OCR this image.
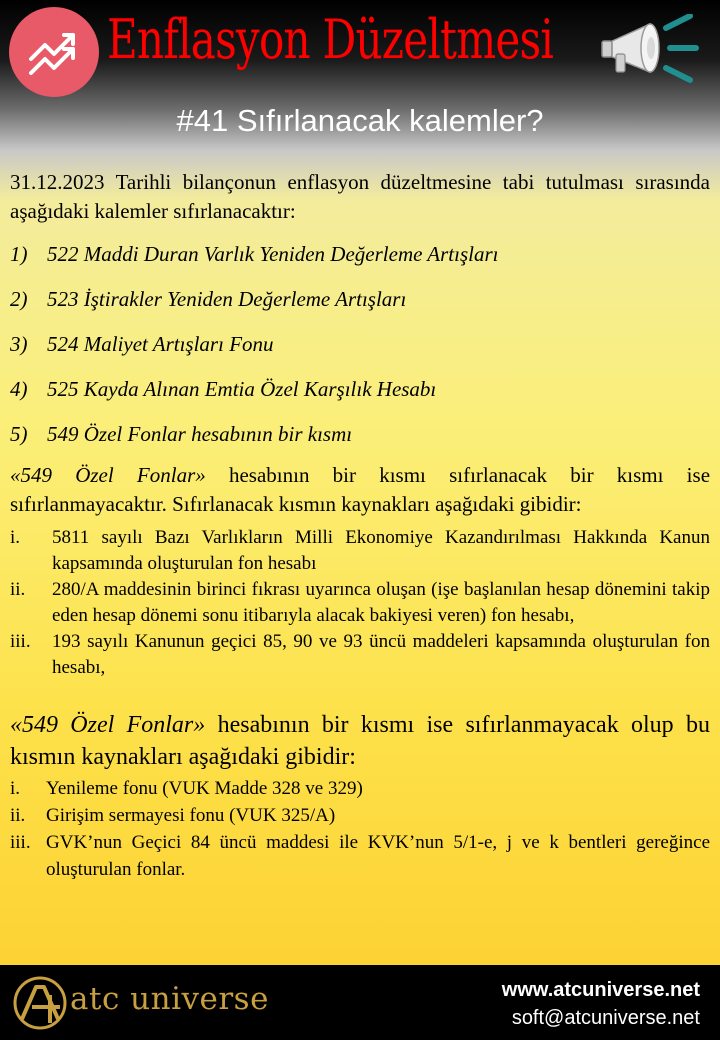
Enflasyon Düzeltmesi
#41 Sıfırlanacak kalemler?

31.12.2023 Tarihli bilançonun enflasyon düzeltmesine tabi tutulması sırasında aşağıdaki kalemler sıfırlanacaktır:

1) 522 Maddi Duran Varlık Yeniden Değerleme Artışları
2) 523 İştirakler Yeniden Değerleme Artışları
3) 524 Maliyet Artışları Fonu
4) 525 Kayda Alınan Emtia Özel Karşılık Hesabı
5) 549 Özel Fonlar hesabının bir kısmı

«549 Özel Fonlar» hesabının bir kısmı sıfırlanacak bir kısmı ise sıfırlanmayacaktır. Sıfırlanacak kısmın kaynakları aşağıdaki gibidir:

i. 5811 sayılı Bazı Varlıkların Milli Ekonomiye Kazandırılması Hakkında Kanun kapsamında oluşturulan fon hesabı
ii. 280/A maddesinin birinci fıkrası uyarınca oluşan (işe başlanılan hesap dönemini takip eden hesap dönemi sonu itibarıyla alacak bakiyesi veren) fon hesabı,
iii. 193 sayılı Kanunun geçici 85, 90 ve 93 üncü maddeleri kapsamında oluşturulan fon hesabı,

«549 Özel Fonlar» hesabının bir kısmı ise sıfırlanmayacak olup bu kısmın kaynakları aşağıdaki gibidir:

i. Yenileme fonu (VUK Madde 328 ve 329)
ii. Girişim sermayesi fonu (VUK 325/A)
iii. GVK’nun Geçici 84 üncü maddesi ile KVK’nun 5/1-e, j ve k bentleri gereğince oluşturulan fonlar.
atc universe	www.atcuniverse.net
soft@atcuniverse.net
